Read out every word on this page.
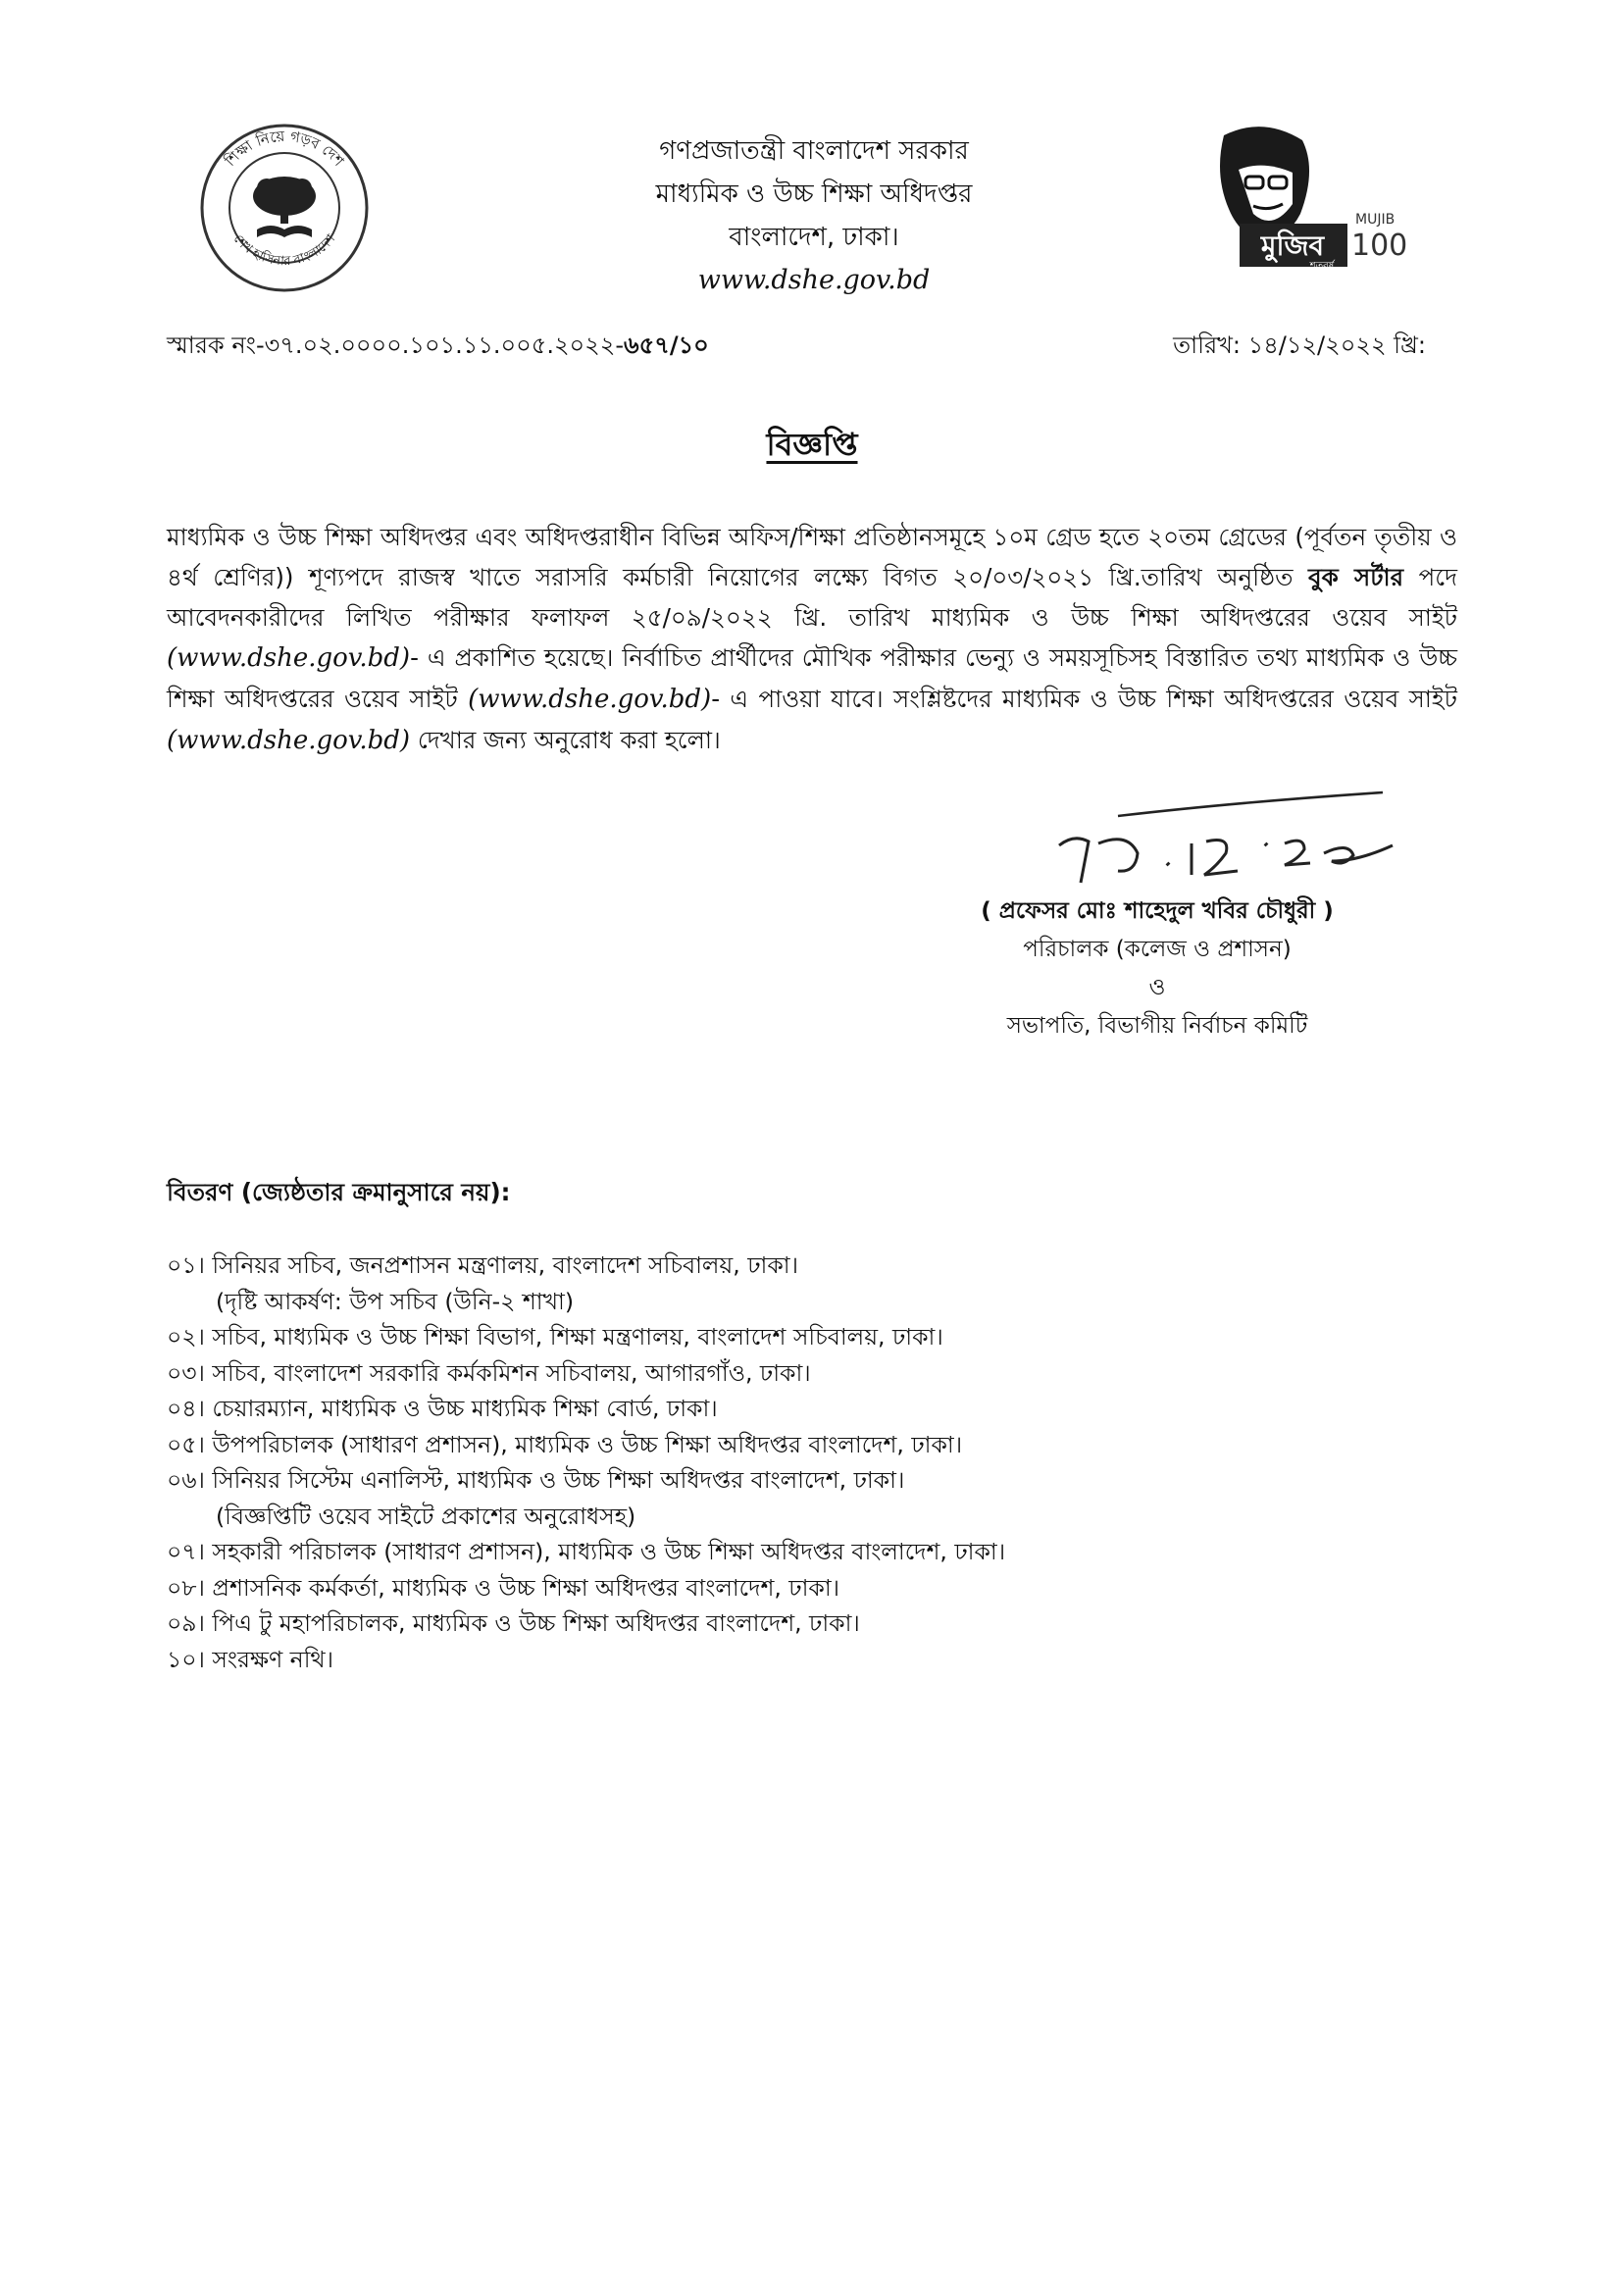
শিক্ষা নিয়ে গড়ব দেশ
শেখ হাসিনার বাংলাদেশ
গণপ্রজাতন্ত্রী বাংলাদেশ সরকার
মাধ্যমিক ও উচ্চ শিক্ষা অধিদপ্তর
বাংলাদেশ, ঢাকা।
www.dshe.gov.bd
মুজিব
শতবর্ষ
MUJIB
100
স্মারক নং-৩৭.০২.০০০০.১০১.১১.০০৫.২০২২-৬৫৭/১০	তারিখ: ১৪/১২/২০২২ খ্রি:
বিজ্ঞপ্তি
মাধ্যমিক ও উচ্চ শিক্ষা অধিদপ্তর এবং অধিদপ্তরাধীন বিভিন্ন অফিস/শিক্ষা প্রতিষ্ঠানসমূহে ১০ম গ্রেড হতে ২০তম গ্রেডের (পূর্বতন তৃতীয় ও ৪র্থ শ্রেণির)) শূণ্যপদে রাজস্ব খাতে সরাসরি কর্মচারী নিয়োগের লক্ষ্যে বিগত ২০/০৩/২০২১ খ্রি.তারিখ অনুষ্ঠিত বুক সর্টার পদে আবেদনকারীদের লিখিত পরীক্ষার ফলাফল ২৫/০৯/২০২২ খ্রি. তারিখ মাধ্যমিক ও উচ্চ শিক্ষা অধিদপ্তরের ওয়েব সাইট (www.dshe.gov.bd)- এ প্রকাশিত হয়েছে। নির্বাচিত প্রার্থীদের মৌখিক পরীক্ষার ভেন্যু ও সময়সূচিসহ বিস্তারিত তথ্য মাধ্যমিক ও উচ্চ শিক্ষা অধিদপ্তরের ওয়েব সাইট (www.dshe.gov.bd)- এ পাওয়া যাবে। সংশ্লিষ্টদের মাধ্যমিক ও উচ্চ শিক্ষা অধিদপ্তরের ওয়েব সাইট (www.dshe.gov.bd) দেখার জন্য অনুরোধ করা হলো।
( প্রফেসর মোঃ শাহেদুল খবির চৌধুরী )
পরিচালক (কলেজ ও প্রশাসন)
ও
সভাপতি, বিভাগীয় নির্বাচন কমিটি
বিতরণ (জ্যেষ্ঠতার ক্রমানুসারে নয়):
০১। সিনিয়র সচিব, জনপ্রশাসন মন্ত্রণালয়, বাংলাদেশ সচিবালয়, ঢাকা।
(দৃষ্টি আকর্ষণ: উপ সচিব (উনি-২ শাখা)
০২। সচিব, মাধ্যমিক ও উচ্চ শিক্ষা বিভাগ, শিক্ষা মন্ত্রণালয়, বাংলাদেশ সচিবালয়, ঢাকা।
০৩। সচিব, বাংলাদেশ সরকারি কর্মকমিশন সচিবালয়, আগারগাঁও, ঢাকা।
০৪। চেয়ারম্যান, মাধ্যমিক ও উচ্চ মাধ্যমিক শিক্ষা বোর্ড, ঢাকা।
০৫। উপপরিচালক (সাধারণ প্রশাসন), মাধ্যমিক ও উচ্চ শিক্ষা অধিদপ্তর বাংলাদেশ, ঢাকা।
০৬। সিনিয়র সিস্টেম এনালিস্ট, মাধ্যমিক ও উচ্চ শিক্ষা অধিদপ্তর বাংলাদেশ, ঢাকা।
(বিজ্ঞপ্তিটি ওয়েব সাইটে প্রকাশের অনুরোধসহ)
০৭। সহকারী পরিচালক (সাধারণ প্রশাসন), মাধ্যমিক ও উচ্চ শিক্ষা অধিদপ্তর বাংলাদেশ, ঢাকা।
০৮। প্রশাসনিক কর্মকর্তা, মাধ্যমিক ও উচ্চ শিক্ষা অধিদপ্তর বাংলাদেশ, ঢাকা।
০৯। পিএ টু মহাপরিচালক, মাধ্যমিক ও উচ্চ শিক্ষা অধিদপ্তর বাংলাদেশ, ঢাকা।
১০। সংরক্ষণ নথি।
